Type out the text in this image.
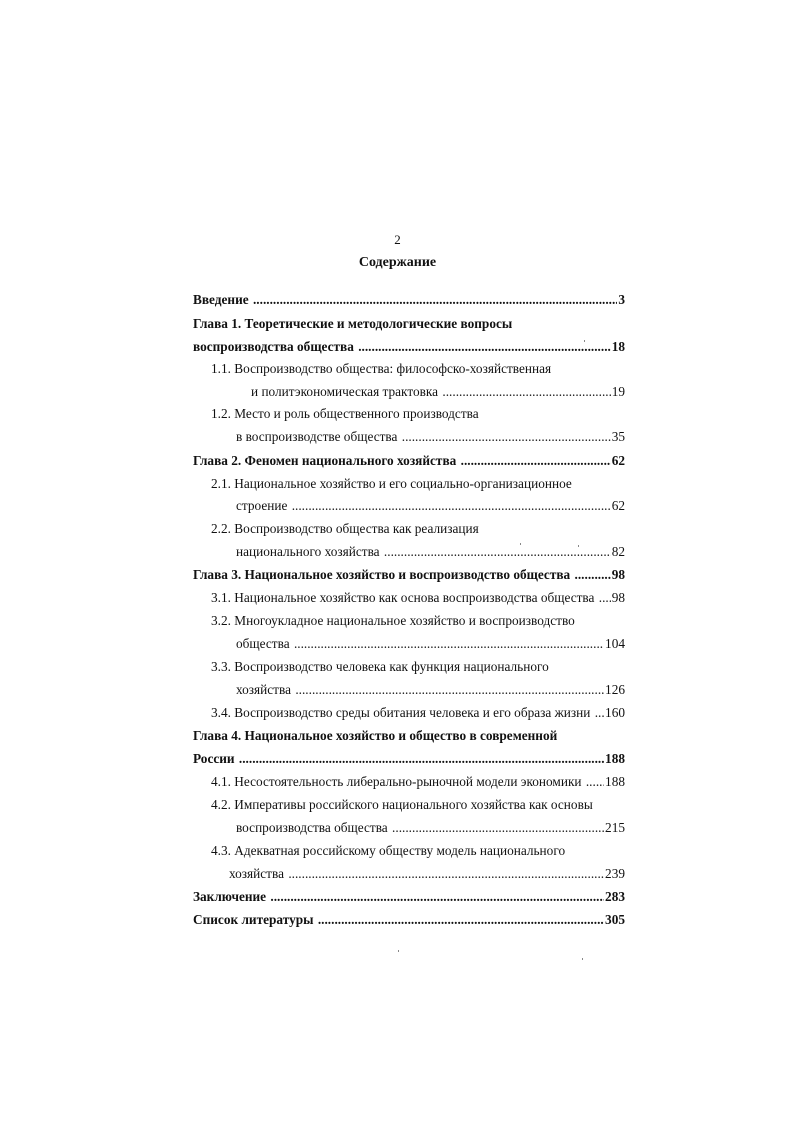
2
Содержание
Введение	3
.....
Глава 1. Теоретические и методологические вопросы
воспроизводства общества	18
.....
1.1. Воспроизводство общества: философско-хозяйственная
и политэкономическая трактовка	19
.....
1.2. Место и роль общественного производства
в воспроизводстве общества	35
.....
Глава 2. Феномен национального хозяйства	62
.....
2.1. Национальное хозяйство и его социально-организационное
строение	62
.....
2.2. Воспроизводство общества как реализация
национального хозяйства	82
.....
Глава 3. Национальное хозяйство и воспроизводство общества	98
.....
3.1. Национальное хозяйство как основа воспроизводства общества 98
.....
3.2. Многоукладное национальное хозяйство и воспроизводство
общества	104
.....
3.3. Воспроизводство человека как функция национального
хозяйства	126
.....
3.4. Воспроизводство среды обитания человека и его образа жизни 160
.....
Глава 4. Национальное хозяйство и общество в современной
России	188
.....
4.1. Несостоятельность либерально-рыночной модели экономики 188
.....
4.2. Императивы российского национального хозяйства как основы
воспроизводства общества	215
.....
4.3. Адекватная российскому обществу модель национального
хозяйства	239
.....
Заключение	283
.....
Список литературы	305
.....
